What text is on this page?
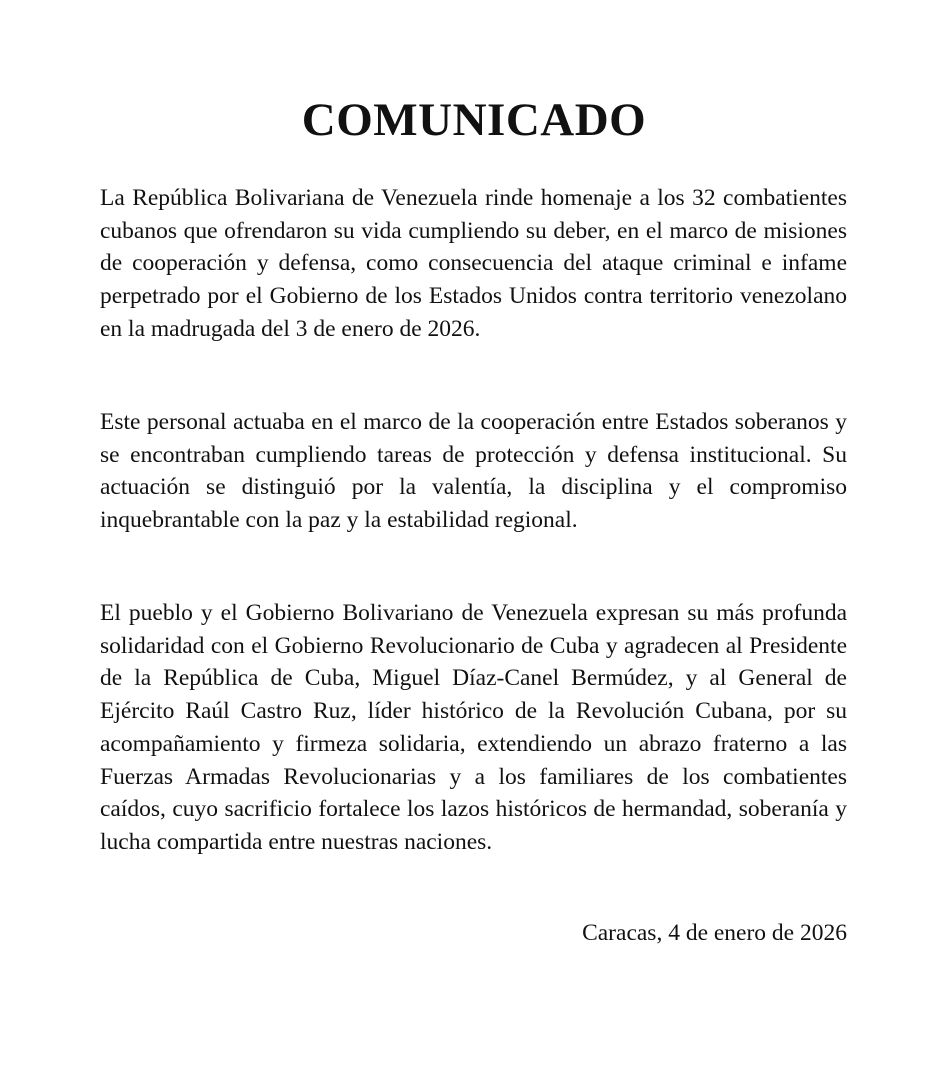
COMUNICADO

La República Bolivariana de Venezuela rinde homenaje a los 32 combatientes cubanos que ofrendaron su vida cumpliendo su deber, en el marco de misiones de cooperación y defensa, como consecuencia del ataque criminal e infame perpetrado por el Gobierno de los Estados Unidos contra territorio venezolano en la madrugada del 3 de enero de 2026.

Este personal actuaba en el marco de la cooperación entre Estados soberanos y se encontraban cumpliendo tareas de protección y defensa institucional. Su actuación se distinguió por la valentía, la disciplina y el compromiso inquebrantable con la paz y la estabilidad regional.

El pueblo y el Gobierno Bolivariano de Venezuela expresan su más profunda solidaridad con el Gobierno Revolucionario de Cuba y agradecen al Presidente de la República de Cuba, Miguel Díaz-Canel Bermúdez, y al General de Ejército Raúl Castro Ruz, líder histórico de la Revolución Cubana, por su acompañamiento y firmeza solidaria, extendiendo un abrazo fraterno a las Fuerzas Armadas Revolucionarias y a los familiares de los combatientes caídos, cuyo sacrificio fortalece los lazos históricos de hermandad, soberanía y lucha compartida entre nuestras naciones.

Caracas, 4 de enero de 2026
